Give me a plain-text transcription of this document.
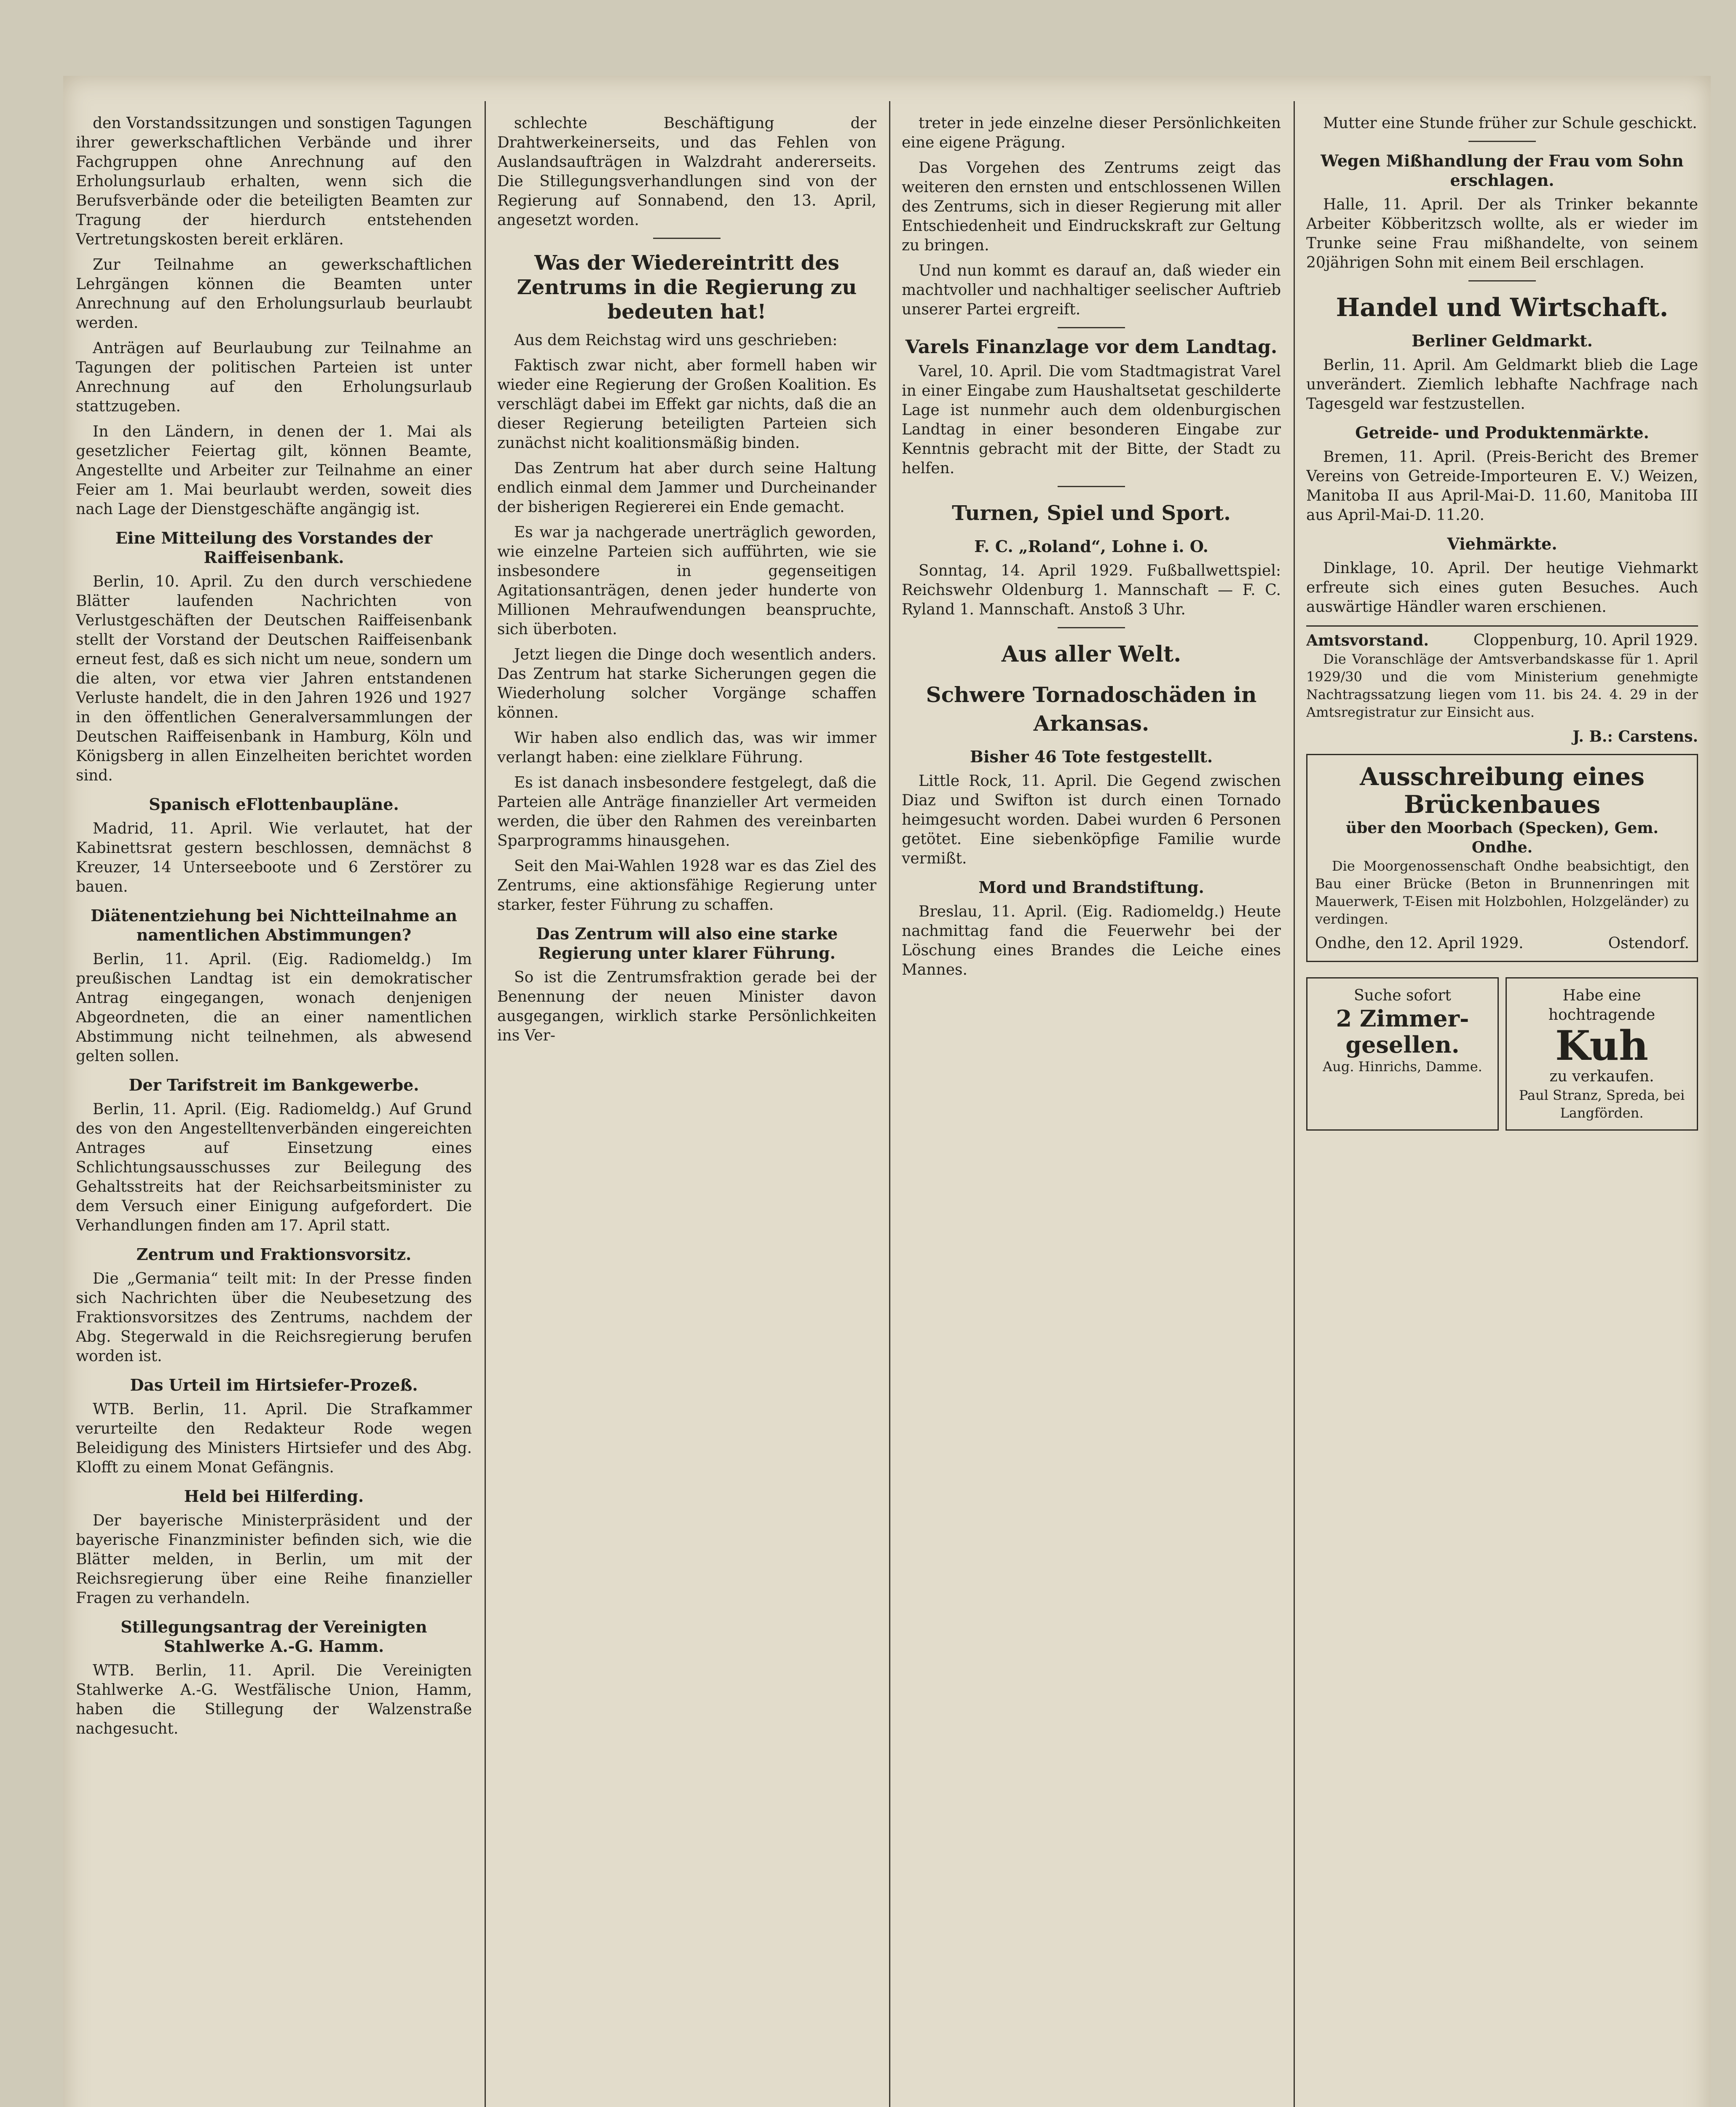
den Vorstandssitzungen und sonstigen Tagungen ihrer gewerkschaftlichen Verbände und ihrer Fachgruppen ohne Anrechnung auf den Erholungsurlaub erhalten, wenn sich die Berufsverbände oder die beteiligten Beamten zur Tragung der hierdurch entstehenden Vertretungskosten bereit erklären.

Zur Teilnahme an gewerkschaftlichen Lehrgängen können die Beamten unter Anrechnung auf den Erholungsurlaub beurlaubt werden.

Anträgen auf Beurlaubung zur Teilnahme an Tagungen der politischen Parteien ist unter Anrechnung auf den Erholungsurlaub stattzugeben.

In den Ländern, in denen der 1. Mai als gesetzlicher Feiertag gilt, können Beamte, Angestellte und Arbeiter zur Teilnahme an einer Feier am 1. Mai beurlaubt werden, soweit dies nach Lage der Dienstgeschäfte angängig ist.

Eine Mitteilung des Vorstandes der Raiffeisenbank.

Berlin, 10. April. Zu den durch verschiedene Blätter laufenden Nachrichten von Verlustgeschäften der Deutschen Raiffeisenbank stellt der Vorstand der Deutschen Raiffeisenbank erneut fest, daß es sich nicht um neue, sondern um die alten, vor etwa vier Jahren entstandenen Verluste handelt, die in den Jahren 1926 und 1927 in den öffentlichen Generalversammlungen der Deutschen Raiffeisenbank in Hamburg, Köln und Königsberg in allen Einzelheiten berichtet worden sind.

Spanisch eFlottenbaupläne.

Madrid, 11. April. Wie verlautet, hat der Kabinettsrat gestern beschlossen, demnächst 8 Kreuzer, 14 Unterseeboote und 6 Zerstörer zu bauen.

Diätenentziehung bei Nichtteilnahme an namentlichen Abstimmungen?

Berlin, 11. April. (Eig. Radiomeldg.) Im preußischen Landtag ist ein demokratischer Antrag eingegangen, wonach denjenigen Abgeordneten, die an einer namentlichen Abstimmung nicht teilnehmen, als abwesend gelten sollen.

Der Tarifstreit im Bankgewerbe.

Berlin, 11. April. (Eig. Radiomeldg.) Auf Grund des von den Angestelltenverbänden eingereichten Antrages auf Einsetzung eines Schlichtungsausschusses zur Beilegung des Gehaltsstreits hat der Reichsarbeitsminister zu dem Versuch einer Einigung aufgefordert. Die Verhandlungen finden am 17. April statt.

Zentrum und Fraktionsvorsitz.

Die „Germania“ teilt mit: In der Presse finden sich Nachrichten über die Neubesetzung des Fraktionsvorsitzes des Zentrums, nachdem der Abg. Stegerwald in die Reichsregierung berufen worden ist.

Das Urteil im Hirtsiefer-Prozeß.

WTB. Berlin, 11. April. Die Strafkammer verurteilte den Redakteur Rode wegen Beleidigung des Ministers Hirtsiefer und des Abg. Klofft zu einem Monat Gefängnis.

Held bei Hilferding.

Der bayerische Ministerpräsident und der bayerische Finanzminister befinden sich, wie die Blätter melden, in Berlin, um mit der Reichsregierung über eine Reihe finanzieller Fragen zu verhandeln.

Stillegungsantrag der Vereinigten Stahlwerke A.-G. Hamm.

WTB. Berlin, 11. April. Die Vereinigten Stahlwerke A.-G. Westfälische Union, Hamm, haben die Stillegung der Walzenstraße nachgesucht.

schlechte Beschäftigung der Drahtwerkeinerseits, und das Fehlen von Auslandsaufträgen in Walzdraht andererseits. Die Stillegungsverhandlungen sind von der Regierung auf Sonnabend, den 13. April, angesetzt worden.

Was der Wiedereintritt des Zentrums in die Regierung zu bedeuten hat!

Aus dem Reichstag wird uns geschrieben:

Faktisch zwar nicht, aber formell haben wir wieder eine Regierung der Großen Koalition. Es verschlägt dabei im Effekt gar nichts, daß die an dieser Regierung beteiligten Parteien sich zunächst nicht koalitionsmäßig binden.

Das Zentrum hat aber durch seine Haltung endlich einmal dem Jammer und Durcheinander der bisherigen Regiererei ein Ende gemacht.

Es war ja nachgerade unerträglich geworden, wie einzelne Parteien sich aufführten, wie sie insbesondere in gegenseitigen Agitationsanträgen, denen jeder hunderte von Millionen Mehraufwendungen beanspruchte, sich überboten.

Jetzt liegen die Dinge doch wesentlich anders. Das Zentrum hat starke Sicherungen gegen die Wiederholung solcher Vorgänge schaffen können.

Wir haben also endlich das, was wir immer verlangt haben: eine zielklare Führung.

Es ist danach insbesondere festgelegt, daß die Parteien alle Anträge finanzieller Art vermeiden werden, die über den Rahmen des vereinbarten Sparprogramms hinausgehen.

Seit den Mai-Wahlen 1928 war es das Ziel des Zentrums, eine aktionsfähige Regierung unter starker, fester Führung zu schaffen.

Das Zentrum will also eine starke Regierung unter klarer Führung.

So ist die Zentrumsfraktion gerade bei der Benennung der neuen Minister davon ausgegangen, wirklich starke Persönlichkeiten ins Ver-

treter in jede einzelne dieser Persönlichkeiten eine eigene Prägung.

Das Vorgehen des Zentrums zeigt das weiteren den ernsten und entschlossenen Willen des Zentrums, sich in dieser Regierung mit aller Entschiedenheit und Eindruckskraft zur Geltung zu bringen.

Und nun kommt es darauf an, daß wieder ein machtvoller und nachhaltiger seelischer Auftrieb unserer Partei ergreift.

Varels Finanzlage vor dem Landtag.

Varel, 10. April. Die vom Stadtmagistrat Varel in einer Eingabe zum Haushaltsetat geschilderte Lage ist nunmehr auch dem oldenburgischen Landtag in einer besonderen Eingabe zur Kenntnis gebracht mit der Bitte, der Stadt zu helfen.

Turnen, Spiel und Sport.
F. C. „Roland“, Lohne i. O.

Sonntag, 14. April 1929. Fußballwettspiel: Reichswehr Oldenburg 1. Mannschaft — F. C. Ryland 1. Mannschaft. Anstoß 3 Uhr.

Aus aller Welt.
Schwere Tornadoschäden in Arkansas.
Bisher 46 Tote festgestellt.

Little Rock, 11. April. Die Gegend zwischen Diaz und Swifton ist durch einen Tornado heimgesucht worden. Dabei wurden 6 Personen getötet. Eine siebenköpfige Familie wurde vermißt.

Mord und Brandstiftung.

Breslau, 11. April. (Eig. Radiomeldg.) Heute nachmittag fand die Feuerwehr bei der Löschung eines Brandes die Leiche eines Mannes.

Mutter eine Stunde früher zur Schule geschickt.

Wegen Mißhandlung der Frau vom Sohn erschlagen.

Halle, 11. April. Der als Trinker bekannte Arbeiter Köbberitzsch wollte, als er wieder im Trunke seine Frau mißhandelte, von seinem 20jährigen Sohn mit einem Beil erschlagen.

Handel und Wirtschaft.
Berliner Geldmarkt.

Berlin, 11. April. Am Geldmarkt blieb die Lage unverändert. Ziemlich lebhafte Nachfrage nach Tagesgeld war festzustellen.

Getreide- und Produktenmärkte.

Bremen, 11. April. (Preis-Bericht des Bremer Vereins von Getreide-Importeuren E. V.) Weizen, Manitoba II aus April-Mai-D. 11.60, Manitoba III aus April-Mai-D. 11.20.

Viehmärkte.

Dinklage, 10. April. Der heutige Viehmarkt erfreute sich eines guten Besuches. Auch auswärtige Händler waren erschienen.

Amtsvorstand.	Cloppenburg, 10. April 1929.

Die Voranschläge der Amtsverbandskasse für 1. April 1929/30 und die vom Ministerium genehmigte Nachtragssatzung liegen vom 11. bis 24. 4. 29 in der Amtsregistratur zur Einsicht aus.

J. B.: Carstens.
Ausschreibung eines Brückenbaues
über den Moorbach (Specken), Gem. Ondhe.

Die Moorgenossenschaft Ondhe beabsichtigt, den Bau einer Brücke (Beton in Brunnenringen mit Mauerwerk, T-Eisen mit Holzbohlen, Holzgeländer) zu verdingen.

Ondhe, den 12. April 1929.	Ostendorf.
Suche sofort
2 Zimmer-gesellen.
Aug. Hinrichs, Damme.
Habe eine hochtragende
Kuh
zu verkaufen.
Paul Stranz, Spreda, bei Langförden.
